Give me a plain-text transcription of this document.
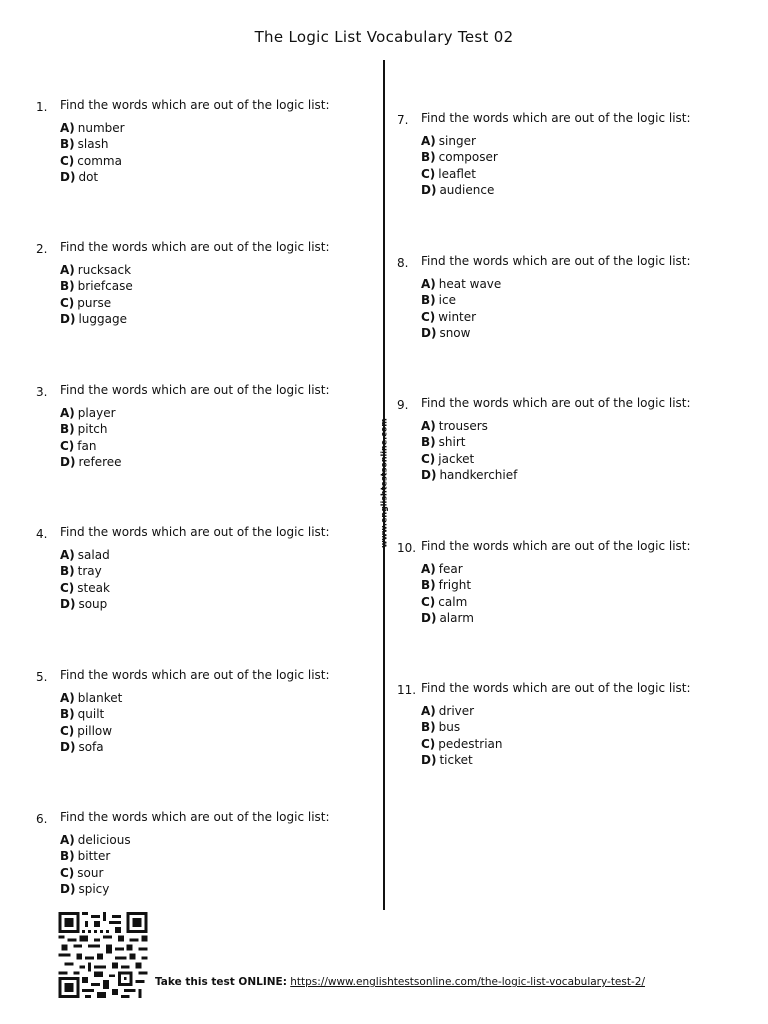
The Logic List Vocabulary Test 02
www.englishtestsonline.com
1. Find the words which are out of the logic list:
A) number
B) slash
C) comma
D) dot
2. Find the words which are out of the logic list:
A) rucksack
B) briefcase
C) purse
D) luggage
3. Find the words which are out of the logic list:
A) player
B) pitch
C) fan
D) referee
4. Find the words which are out of the logic list:
A) salad
B) tray
C) steak
D) soup
5. Find the words which are out of the logic list:
A) blanket
B) quilt
C) pillow
D) sofa
6. Find the words which are out of the logic list:
A) delicious
B) bitter
C) sour
D) spicy
7. Find the words which are out of the logic list:
A) singer
B) composer
C) leaflet
D) audience
8. Find the words which are out of the logic list:
A) heat wave
B) ice
C) winter
D) snow
9. Find the words which are out of the logic list:
A) trousers
B) shirt
C) jacket
D) handkerchief
10. Find the words which are out of the logic list:
A) fear
B) fright
C) calm
D) alarm
11. Find the words which are out of the logic list:
A) driver
B) bus
C) pedestrian
D) ticket
Take this test ONLINE: https://www.englishtestsonline.com/the-logic-list-vocabulary-test-2/
